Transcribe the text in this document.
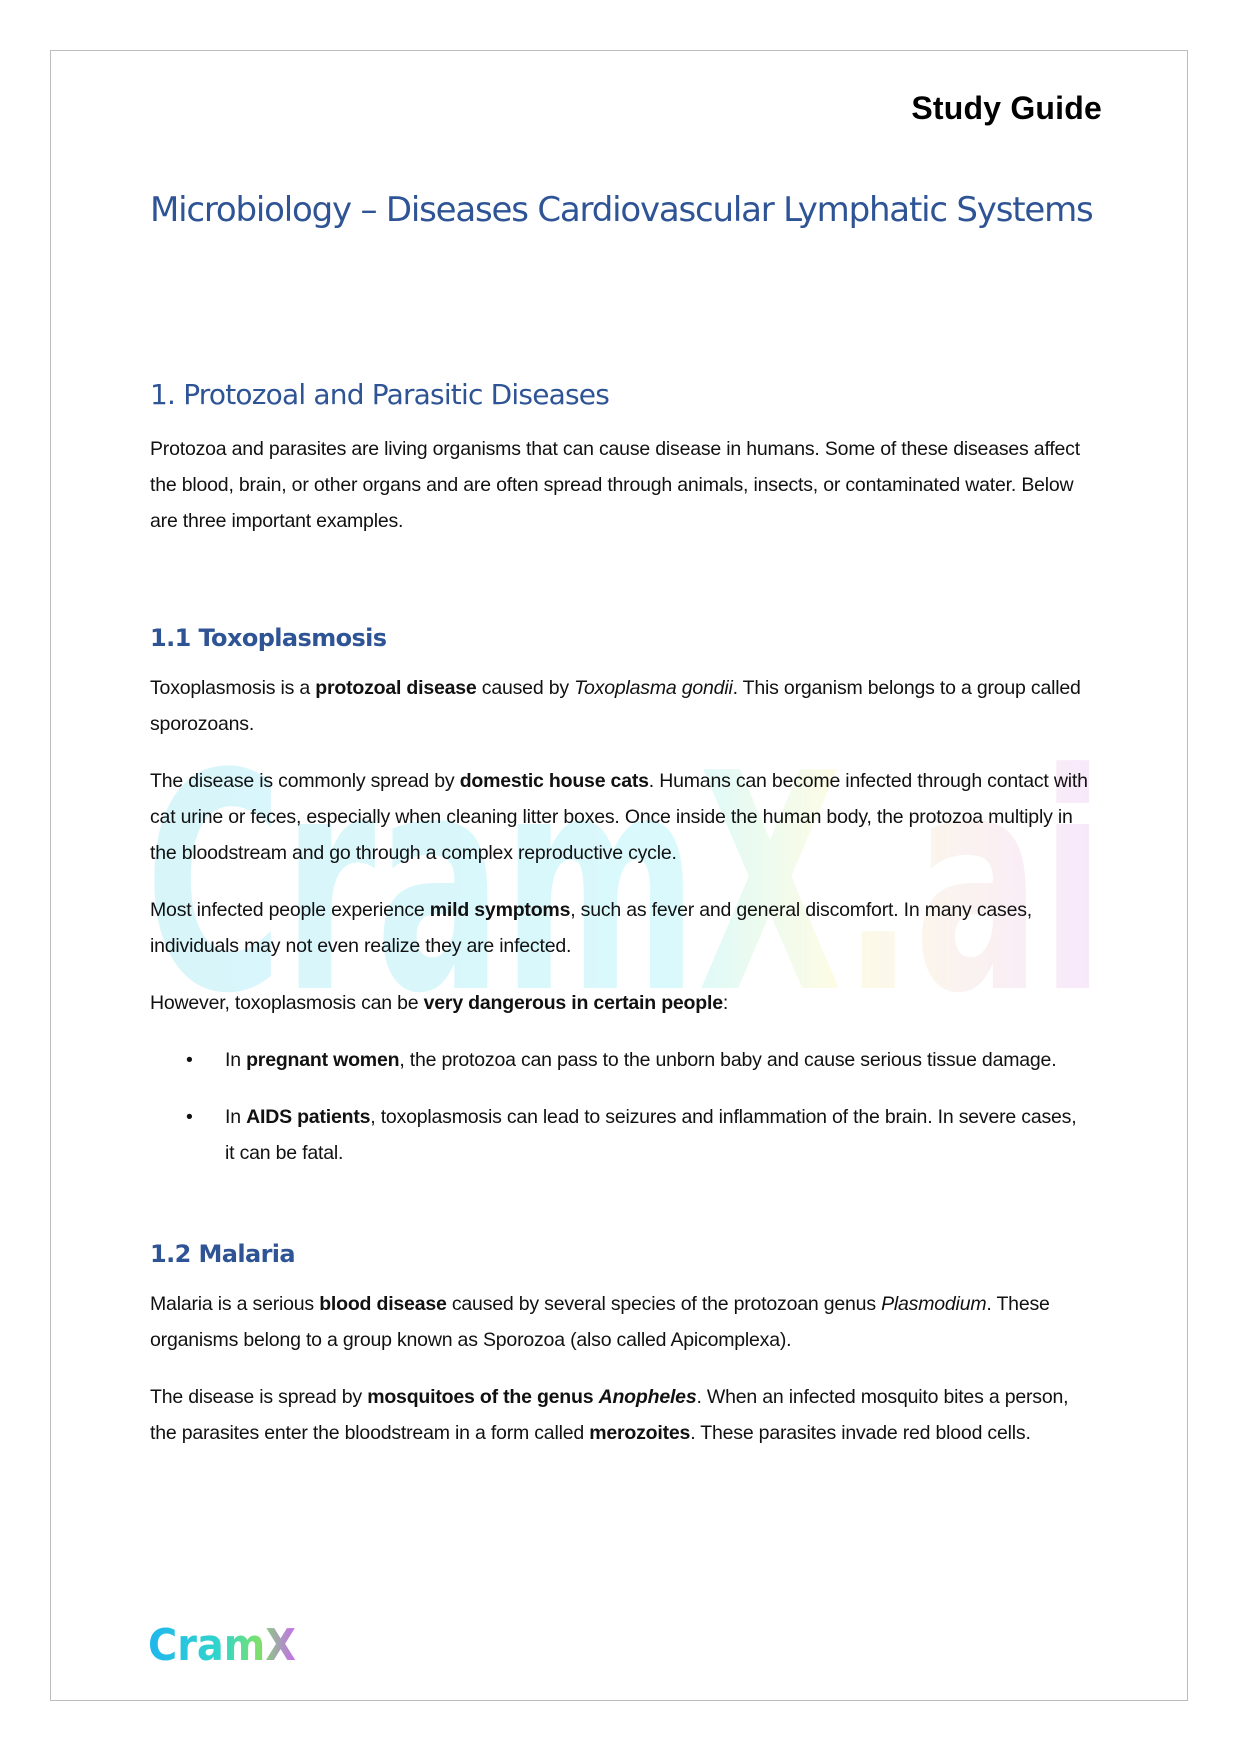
Study Guide
Microbiology – Diseases Cardiovascular Lymphatic Systems
1. Protozoal and Parasitic Diseases

Protozoa and parasites are living organisms that can cause disease in humans. Some of these diseases affect the blood, brain, or other organs and are often spread through animals, insects, or contaminated water. Below are three important examples.

1.1 Toxoplasmosis

Toxoplasmosis is a protozoal disease caused by Toxoplasma gondii. This organism belongs to a group called sporozoans.

The disease is commonly spread by domestic house cats. Humans can become infected through contact with cat urine or feces, especially when cleaning litter boxes. Once inside the human body, the protozoa multiply in the bloodstream and go through a complex reproductive cycle.

Most infected people experience mild symptoms, such as fever and general discomfort. In many cases, individuals may not even realize they are infected.

However, toxoplasmosis can be very dangerous in certain people:

• In pregnant women, the protozoa can pass to the unborn baby and cause serious tissue damage.
• In AIDS patients, toxoplasmosis can lead to seizures and inflammation of the brain. In severe cases, it can be fatal.
1.2 Malaria

Malaria is a serious blood disease caused by several species of the protozoan genus Plasmodium. These organisms belong to a group known as Sporozoa (also called Apicomplexa).

The disease is spread by mosquitoes of the genus Anopheles. When an infected mosquito bites a person, the parasites enter the bloodstream in a form called merozoites. These parasites invade red blood cells.

CramX
